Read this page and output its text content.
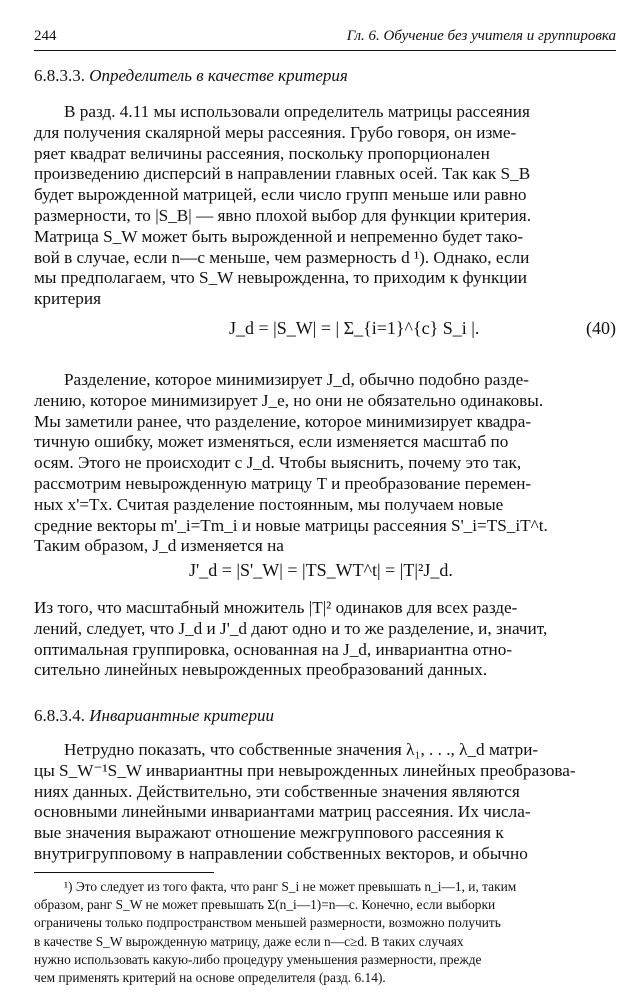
244	Гл. 6. Обучение без учителя и группировка
6.8.3.3. Определитель в качестве критерия
В разд. 4.11 мы использовали определитель матрицы рассеяния
для получения скалярной меры рассеяния. Грубо говоря, он изме-
ряет квадрат величины рассеяния, поскольку пропорционален
произведению дисперсий в направлении главных осей. Так как S_B
будет вырожденной матрицей, если число групп меньше или равно
размерности, то |S_B| — явно плохой выбор для функции критерия.
Матрица S_W может быть вырожденной и непременно будет тако-
вой в случае, если n—c меньше, чем размерность d ¹). Однако, если
мы предполагаем, что S_W невырожденна, то приходим к функции
критерия
J_d = |S_W| = | Σ_{i=1}^{c} S_i |.	(40)
Разделение, которое минимизирует J_d, обычно подобно разде-
лению, которое минимизирует J_e, но они не обязательно одинаковы.
Мы заметили ранее, что разделение, которое минимизирует квадра-
тичную ошибку, может изменяться, если изменяется масштаб по
осям. Этого не происходит с J_d. Чтобы выяснить, почему это так,
рассмотрим невырожденную матрицу T и преобразование перемен-
ных x'=Tx. Считая разделение постоянным, мы получаем новые
средние векторы m'_i=Tm_i и новые матрицы рассеяния S'_i=TS_iT^t.
Таким образом, J_d изменяется на
J'_d = |S'_W| = |TS_WT^t| = |T|²J_d.
Из того, что масштабный множитель |T|² одинаков для всех разде-
лений, следует, что J_d и J'_d дают одно и то же разделение, и, значит,
оптимальная группировка, основанная на J_d, инвариантна отно-
сительно линейных невырожденных преобразований данных.
6.8.3.4. Инвариантные критерии
Нетрудно показать, что собственные значения λ₁, . . ., λ_d матри-
цы S_W⁻¹S_W инвариантны при невырожденных линейных преобразова-
ниях данных. Действительно, эти собственные значения являются
основными линейными инвариантами матриц рассеяния. Их числа-
вые значения выражают отношение межгруппового рассеяния к
внутригрупповому в направлении собственных векторов, и обычно
¹) Это следует из того факта, что ранг S_i не может превышать n_i—1, и, таким
образом, ранг S_W не может превышать Σ(n_i—1)=n—c. Конечно, если выборки
ограничены только подпространством меньшей размерности, возможно получить
в качестве S_W вырожденную матрицу, даже если n—c≥d. В таких случаях
нужно использовать какую-либо процедуру уменьшения размерности, прежде
чем применять критерий на основе определителя (разд. 6.14).
